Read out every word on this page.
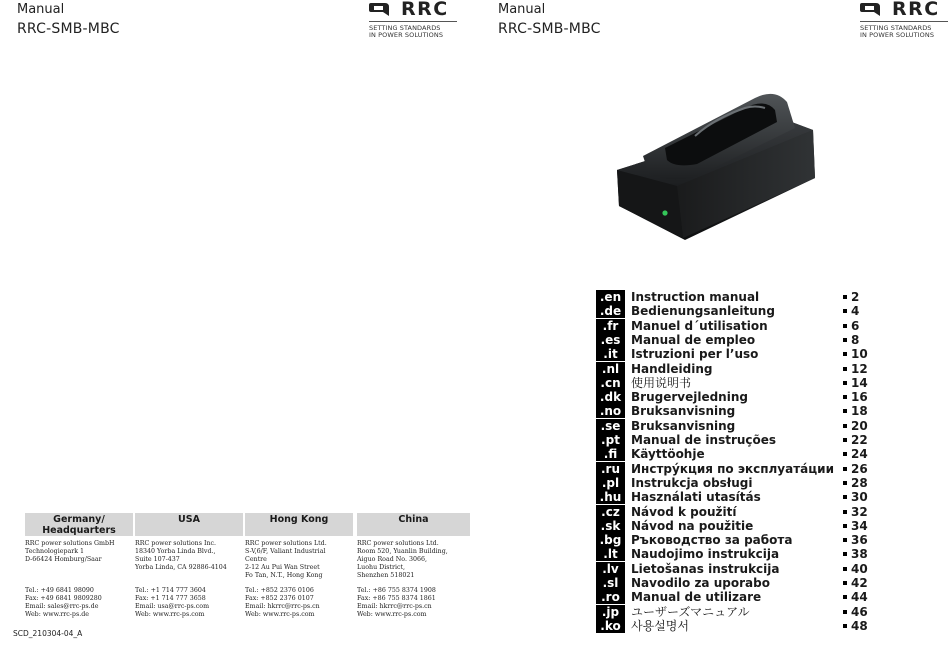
Manual
RRC-SMB-MBC
RRC
SETTING STANDARDS
IN POWER SOLUTIONS
Germany/
Headquarters
RRC power solutions GmbH
Technologiepark 1
D-66424 Homburg/Saar
Tel.: +49 6841 98090
Fax: +49 6841 9809280
Email: sales@rrc-ps.de
Web: www.rrc-ps.de
USA
RRC power solutions Inc.
18340 Yorba Linda Blvd.,
Suite 107-437
Yorba Linda, CA 92886-4104
Tel.: +1 714 777 3604
Fax: +1 714 777 3658
Email: usa@rrc-ps.com
Web: www.rrc-ps.com
Hong Kong
RRC power solutions Ltd.
S-V,6/F, Valiant Industrial
Centre
2-12 Au Pui Wan Street
Fo Tan, N.T., Hong Kong
Tel.: +852 2376 0106
Fax: +852 2376 0107
Email: hkrrc@rrc-ps.cn
Web: www.rrc-ps.com
China
RRC power solutions Ltd.
Room 520, Yuanlin Building,
Aiguo Road No. 3066,
Luohu District,
Shenzhen 518021
Tel.: +86 755 8374 1908
Fax: +86 755 8374 1861
Email: hkrrc@rrc-ps.cn
Web: www.rrc-ps.com
SCD_210304-04_A
Manual
RRC-SMB-MBC
RRC
SETTING STANDARDS
IN POWER SOLUTIONS
.en Instruction manual	2
.de Bedienungsanleitung	4
.fr	Manuel d´utilisation	6
.es Manual de empleo	8
.it	Istruzioni per l’uso	10
.nl Handleiding	12
.cn 使用说明书	14
.dk Brugervejledning	16
.no Bruksanvisning	18
.se Bruksanvisning	20
.pt Manual de instruções	22
.fi	Käyttöohje	24
.ru Инстрýкция по эксплуатáции 26
.pl Instrukcja obsługi	28
.hu Használati utasítás	30
.cz Návod k použití	32
.sk Návod na použitie	34
.bg Ръководство за работа	36
.lt	Naudojimo instrukcija	38
.lv	Lietošanas instrukcija	40
.sl	Navodilo za uporabo	42
.ro Manual de utilizare	44
.jp ユーザーズマニュアル	46
.ko 사용설명서	48
